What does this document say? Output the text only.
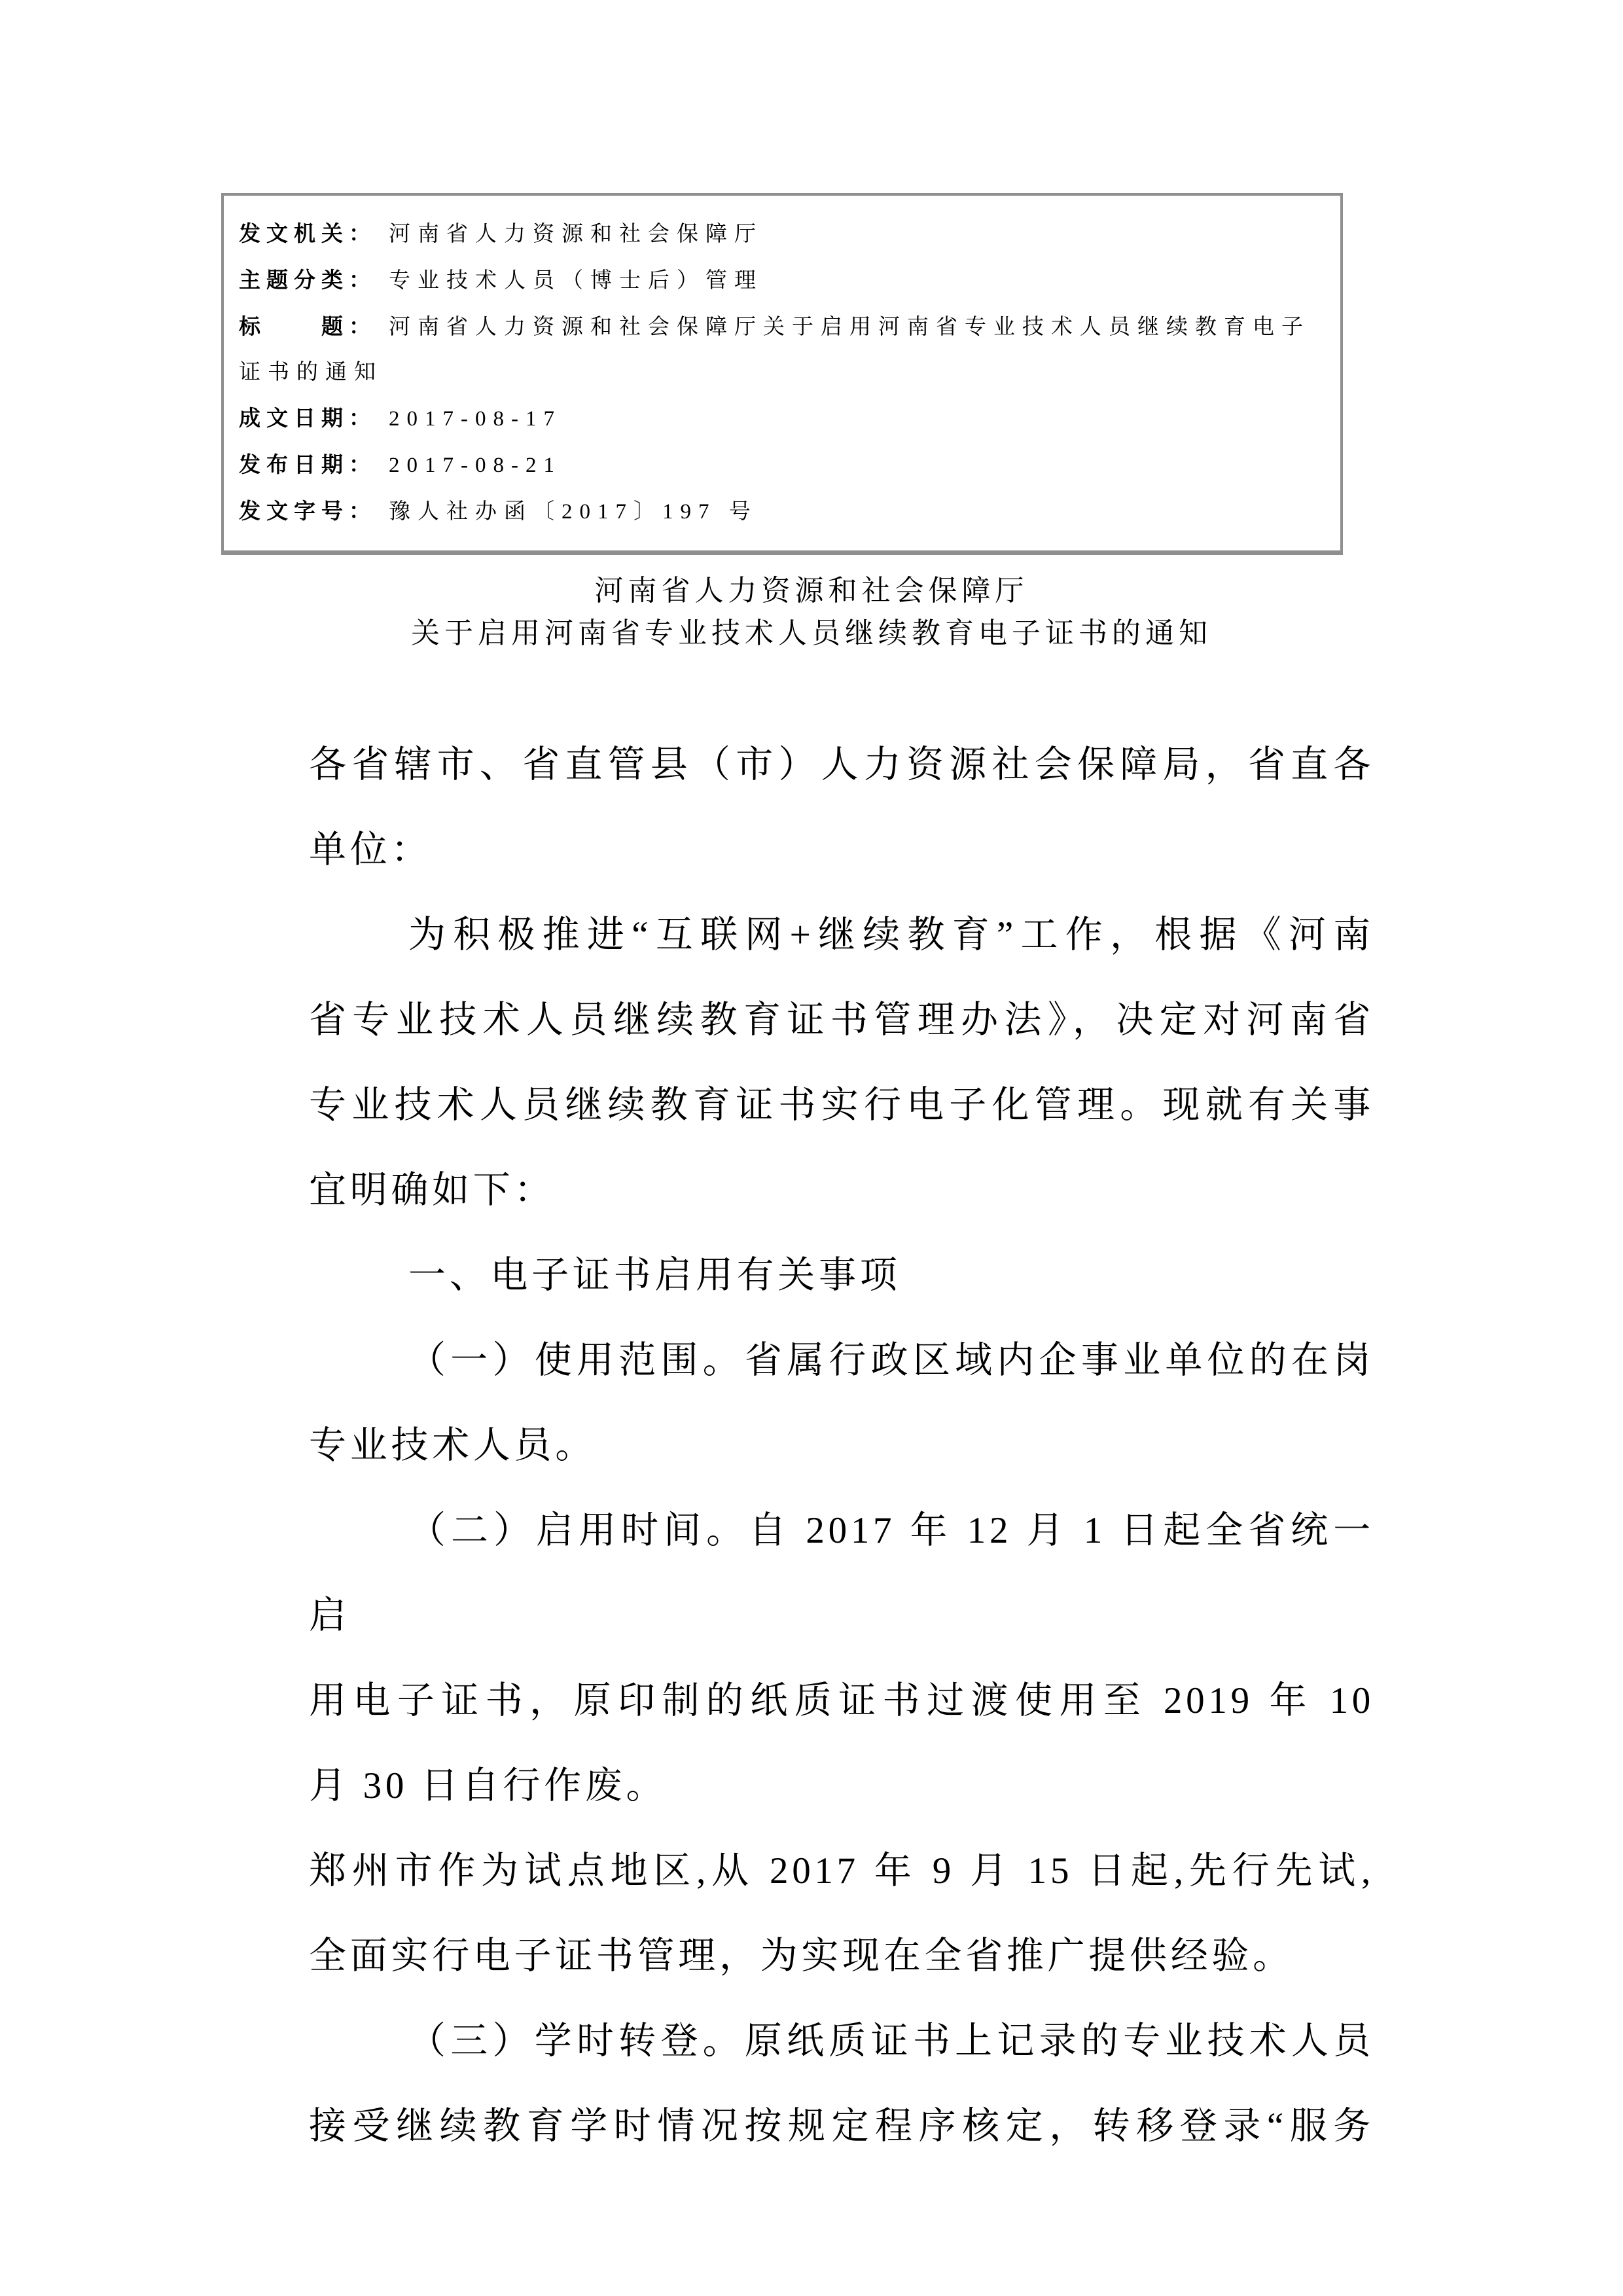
发文机关： 河南省人力资源和社会保障厅
主题分类： 专业技术人员（博士后）管理
标　　题： 河南省人力资源和社会保障厅关于启用河南省专业技术人员继续教育电子证书的通知
成文日期： 2017-08-17
发布日期： 2017-08-21
发文字号： 豫人社办函〔2017〕197 号
河南省人力资源和社会保障厅
关于启用河南省专业技术人员继续教育电子证书的通知
各省辖市、省直管县（市）人力资源社会保障局，省直各
单位：
为积极推进“互联网+继续教育”工作，根据《河南
省专业技术人员继续教育证书管理办法》，决定对河南省
专业技术人员继续教育证书实行电子化管理。现就有关事
宜明确如下：
一、电子证书启用有关事项
（一）使用范围。省属行政区域内企事业单位的在岗
专业技术人员。
（二）启用时间。自 2017 年 12 月 1 日起全省统一启
用电子证书，原印制的纸质证书过渡使用至 2019 年 10
月 30 日自行作废。
郑州市作为试点地区,从 2017 年 9 月 15 日起,先行先试,
全面实行电子证书管理，为实现在全省推广提供经验。
（三）学时转登。原纸质证书上记录的专业技术人员
接受继续教育学时情况按规定程序核定，转移登录“服务
